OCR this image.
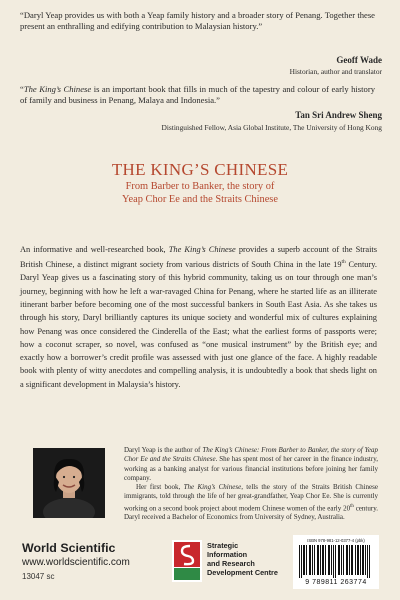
“Daryl Yeap provides us with both a Yeap family history and a broader story of Penang. Together these present an enthralling and edifying contribution to Malaysian history.”
Geoff Wade
Historian, author and translator
“The King’s Chinese is an important book that fills in much of the tapestry and colour of early history of family and business in Penang, Malaya and Indonesia.”
Tan Sri Andrew Sheng
Distinguished Fellow, Asia Global Institute, The University of Hong Kong
THE KING’S CHINESE
From Barber to Banker, the story of
Yeap Chor Ee and the Straits Chinese
An informative and well-researched book, The King’s Chinese provides a superb account of the Straits British Chinese, a distinct migrant society from various districts of South China in the late 19th Century. Daryl Yeap gives us a fascinating story of this hybrid community, taking us on tour through one man’s journey, beginning with how he left a war-ravaged China for Penang, where he started life as an illiterate itinerant barber before becoming one of the most successful bankers in South East Asia. As she takes us through his story, Daryl brilliantly captures its unique society and wonderful mix of cultures explaining how Penang was once considered the Cinderella of the East; what the earliest forms of passports were; how a coconut scraper, so novel, was confused as “one musical instrument” by the British eye; and exactly how a borrower’s credit profile was assessed with just one glance of the face. A highly readable book with plenty of witty anecdotes and compelling analysis, it is undoubtedly a book that sheds light on a significant development in Malaysia’s history.
Daryl Yeap is the author of The King’s Chinese: From Barber to Banker, the story of Yeap Chor Ee and the Straits Chinese. She has spent most of her career in the finance industry, working as a banking analyst for various financial institutions before joining her family company.
Her first book, The King’s Chinese, tells the story of the Straits British Chinese immigrants, told through the life of her great-grandfather, Yeap Chor Ee. She is currently working on a second book project about modern Chinese women of the early 20th century. Daryl received a Bachelor of Economics from University of Sydney, Australia.
World Scientific
www.worldscientific.com
13047 sc
Strategic
Information
and Research
Development Centre
ISBN 978-981-12-0377-4 (pbk)
9 789811 263774
